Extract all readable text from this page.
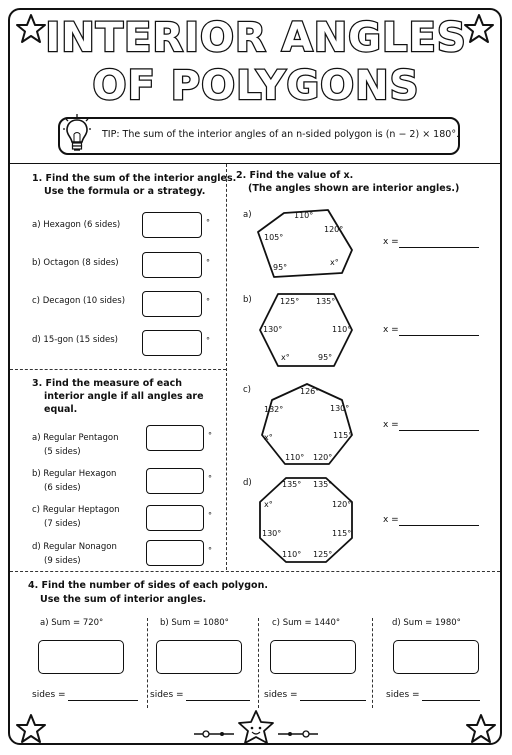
INTERIOR ANGLES
OF POLYGONS
TIP: The sum of the interior angles of an n-sided polygon is (n − 2) × 180°.
1. Find the sum of the interior angles.
Use the formula or a strategy.
a) Hexagon (6 sides)	°
b) Octagon (8 sides)	°
c) Decagon (10 sides)	°
d) 15-gon (15 sides)	°
3. Find the measure of each
interior angle if all angles are
equal.
a) Regular Pentagon
(5 sides)
°
b) Regular Hexagon
(6 sides)
°
c) Regular Heptagon
(7 sides)
°
d) Regular Nonagon
(9 sides)
°
2. Find the value of x.
(The angles shown are interior angles.)
a)	110°
120°
105°
95°
x°
x =
b)	125° 135°
130°	110°
x°	95°
x =
c)	126°
132°	130°
x°	115°
110° 120°
x =
d)	135° 135°
x°	120°
130°	115°
110° 125°
x =
4. Find the number of sides of each polygon.
Use the sum of interior angles.
a) Sum = 720°
sides =
b) Sum = 1080°
sides =
c) Sum = 1440°
sides =
d) Sum = 1980°
sides =
